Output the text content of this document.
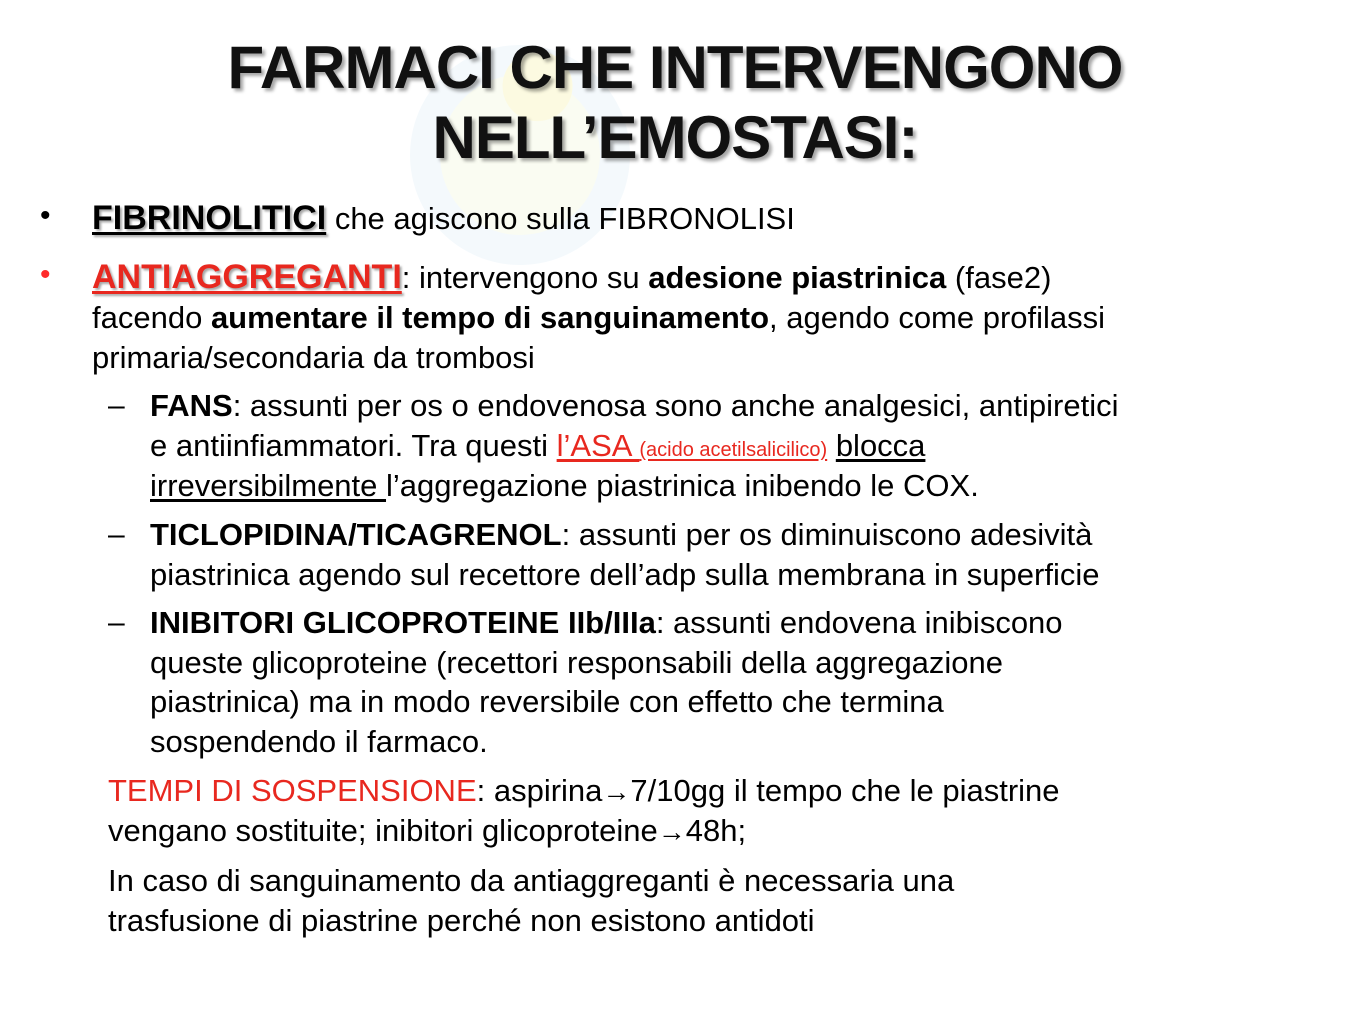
FARMACI CHE INTERVENGONO
NELL’EMOSTASI:
• FIBRINOLITICI che agiscono sulla FIBRONOLISI
• ANTIAGGREGANTI: intervengono su adesione piastrinica (fase2)
facendo aumentare il tempo di sanguinamento, agendo come profilassi
primaria/secondaria da trombosi
– FANS: assunti per os o endovenosa sono anche analgesici, antipiretici
e antiinfiammatori. Tra questi l’ASA (acido acetilsalicilico) blocca
irreversibilmente l’aggregazione piastrinica inibendo le COX.
– TICLOPIDINA/TICAGRENOL: assunti per os diminuiscono adesività
piastrinica agendo sul recettore dell’adp sulla membrana in superficie
– INIBITORI GLICOPROTEINE IIb/IIIa: assunti endovena inibiscono
queste glicoproteine (recettori responsabili della aggregazione
piastrinica) ma in modo reversibile con effetto che termina
sospendendo il farmaco.
TEMPI DI SOSPENSIONE: aspirina→7/10gg il tempo che le piastrine
vengano sostituite; inibitori glicoproteine→48h;
In caso di sanguinamento da antiaggreganti è necessaria una
trasfusione di piastrine perché non esistono antidoti
